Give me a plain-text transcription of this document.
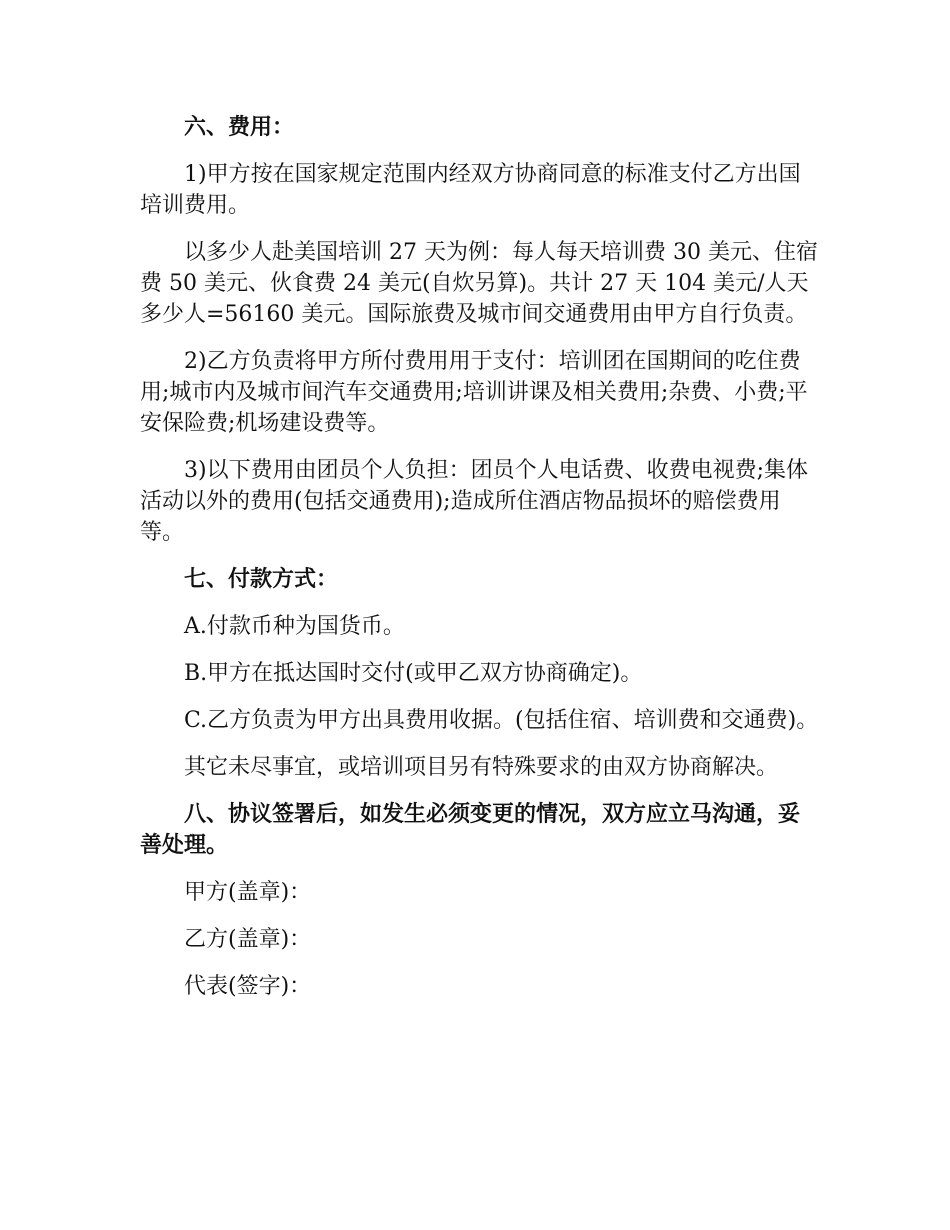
六、费用：

1)甲方按在国家规定范围内经双方协商同意的标准支付乙方出国培训费用。

以多少人赴美国培训 27 天为例：每人每天培训费 30 美元、住宿费 50 美元、伙食费 24 美元(自炊另算)。共计 27 天 104 美元/人天多少人=56160 美元。国际旅费及城市间交通费用由甲方自行负责。

2)乙方负责将甲方所付费用用于支付：培训团在国期间的吃住费用;城市内及城市间汽车交通费用;培训讲课及相关费用;杂费、小费;平安保险费;机场建设费等。

3)以下费用由团员个人负担：团员个人电话费、收费电视费;集体活动以外的费用(包括交通费用);造成所住酒店物品损坏的赔偿费用等。

七、付款方式：

A.付款币种为国货币。

B.甲方在抵达国时交付(或甲乙双方协商确定)。

C.乙方负责为甲方出具费用收据。(包括住宿、培训费和交通费)。

其它未尽事宜，或培训项目另有特殊要求的由双方协商解决。

八、协议签署后，如发生必须变更的情况，双方应立马沟通，妥善处理。

甲方(盖章)：

乙方(盖章)：

代表(签字)：
